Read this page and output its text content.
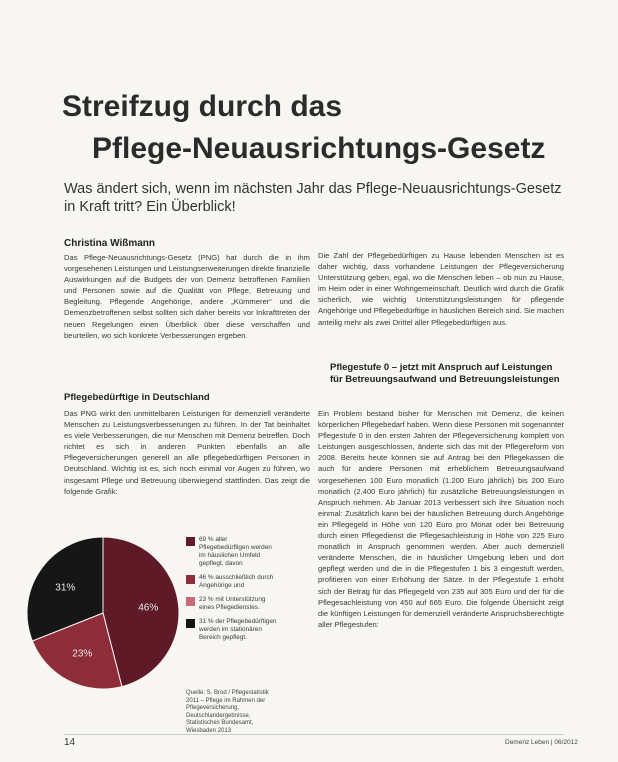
Streifzug durch das
Pflege-Neuausrichtungs-Gesetz
Was ändert sich, wenn im nächsten Jahr das Pflege-Neuausrichtungs-Gesetz in Kraft tritt? Ein Überblick!
Christina Wißmann
Das Pflege-Neuausrichtungs-Gesetz (PNG) hat durch die in ihm vorgesehenen Leistungen und Leistungserweiterungen direkte finanzielle Auswirkungen auf die Budgets der von Demenz betroffenen Familien und Personen sowie auf die Qualität von Pflege, Betreuung und Begleitung. Pflegende Angehörige, andere „Kümmerer“ und die Demenzbetroffenen selbst sollten sich daher bereits vor Inkrafttreten der neuen Regelungen einen Überblick über diese verschaffen und beurteilen, wo sich konkrete Verbesserungen ergeben.
Pflegebedürftige in Deutschland
Das PNG wirkt den unmittelbaren Leistungen für demenziell veränderte Menschen zu Leistungsverbesserungen zu führen. In der Tat beinhaltet es viele Verbesserungen, die nur Menschen mit Demenz betreffen. Doch richtet es sich in anderen Punkten ebenfalls an alle Pflegeversicherungen generell an alle pflegebedürftigen Personen in Deutschland. Wichtig ist es, sich noch einmal vor Augen zu führen, wo insgesamt Pflege und Betreuung überwiegend stattfinden. Das zeigt die folgende Grafik:
Die Zahl der Pflegebedürftigen zu Hause lebenden Menschen ist es daher wichtig, dass vorhandene Leistungen der Pflegeversicherung Unterstützung geben, egal, wo die Menschen leben – ob nun zu Hause, im Heim oder in einer Wohngemeinschaft. Deutlich wird durch die Grafik sicherlich, wie wichtig Unterstützungsleistungen für pflegende Angehörige und Pflegebedürftige in häuslichen Bereich sind. Sie machen anteilig mehr als zwei Drittel aller Pflegebedürftigen aus.
Pflegestufe 0 – jetzt mit Anspruch auf Leistungen für Betreuungsaufwand und Betreuungsleistungen
Ein Problem bestand bisher für Menschen mit Demenz, die keinen körperlichen Pflegebedarf haben. Wenn diese Personen mit sogenannter Pflegestufe 0 in den ersten Jahren der Pflegeversicherung komplett von Leistungen ausgeschlossen, änderte sich das mit der Pflegereform von 2008. Bereits heute können sie auf Antrag bei den Pflegekassen die auch für andere Personen mit erheblichem Betreuungsaufwand vorgesehenen 100 Euro monatlich (1.200 Euro jährlich) bis 200 Euro monatlich (2.400 Euro jährlich) für zusätzliche Betreuungsleistungen in Anspruch nehmen. Ab Januar 2013 verbessert sich ihre Situation noch einmal: Zusätzlich kann bei der häuslichen Betreuung durch Angehörige ein Pflegegeld in Höhe von 120 Euro pro Monat oder bei Betreuung durch einen Pflegedienst die Pflegesachleistung in Höhe von 225 Euro monatlich in Anspruch genommen werden. Aber auch demenziell veränderte Menschen, die in häuslicher Umgebung leben und dort gepflegt werden und die in die Pflegestufen 1 bis 3 eingestuft werden, profitieren von einer Erhöhung der Sätze. In der Pflegestufe 1 erhöht sich der Betrag für das Pflegegeld von 235 auf 305 Euro und der für die Pflegesachleistung von 450 auf 665 Euro. Die folgende Übersicht zeigt die künftigen Leistungen für demenziell veränderte Anspruchsberechtigte aller Pflegestufen:
46%
23%
31%
69 % aller Pflegebedürftigen werden im häuslichen Umfeld gepflegt, davon
46 % ausschließlich durch Angehörige und
23 % mit Unterstützung eines Pflegedienstes.
31 % der Pflegebedürftigen werden im stationären Bereich gepflegt.
Quelle: S. Brod / Pflegestatistik 2011 – Pflege im Rahmen der Pflegeversicherung, Deutschlandergebnisse, Statistisches Bundesamt, Wiesbaden 2013
14	Demenz Leben | 06/2012
